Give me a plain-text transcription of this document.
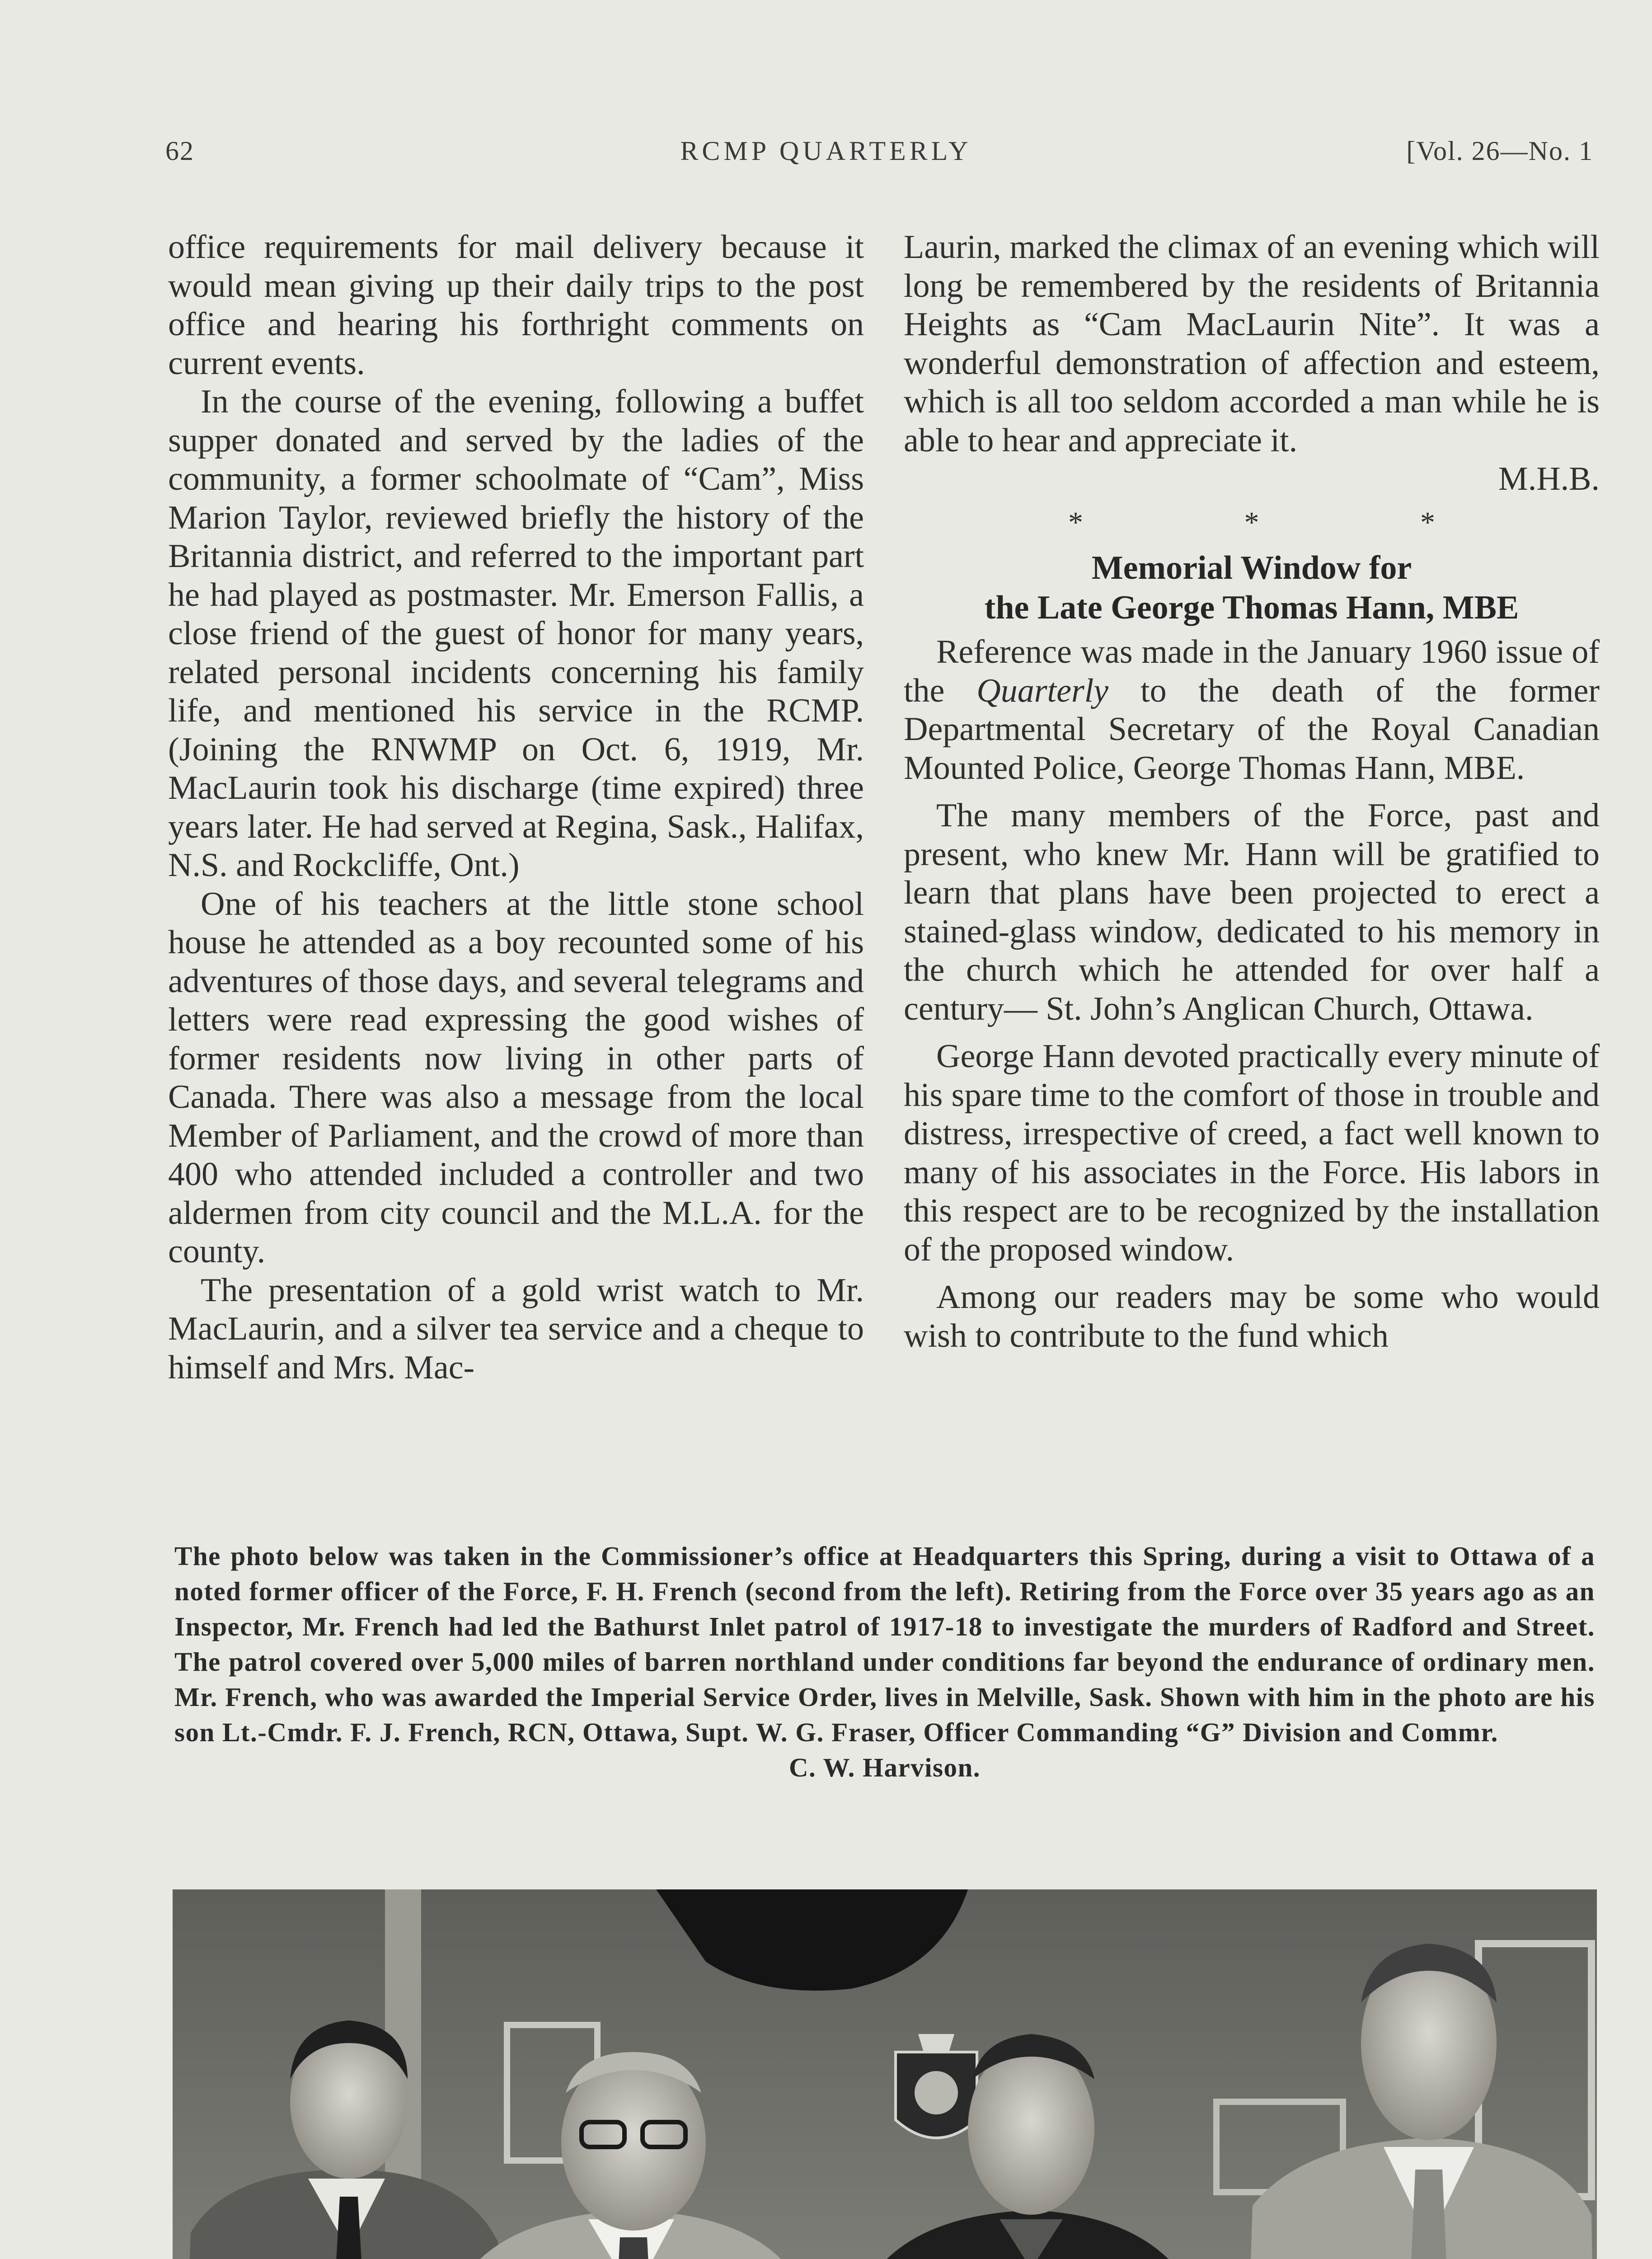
62	RCMP QUARTERLY	[Vol. 26—No. 1

office requirements for mail delivery because it would mean giving up their daily trips to the post office and hearing his forthright comments on current events.

In the course of the evening, following a buffet supper donated and served by the ladies of the community, a former schoolmate of “Cam”, Miss Marion Taylor, reviewed briefly the history of the Britannia district, and referred to the important part he had played as postmaster. Mr. Emerson Fallis, a close friend of the guest of honor for many years, related personal incidents concerning his family life, and mentioned his service in the RCMP. (Joining the RNWMP on Oct. 6, 1919, Mr. MacLaurin took his discharge (time expired) three years later. He had served at Regina, Sask., Halifax, N.S. and Rockcliffe, Ont.)

One of his teachers at the little stone school house he attended as a boy recounted some of his adventures of those days, and several telegrams and letters were read expressing the good wishes of former residents now living in other parts of Canada. There was also a message from the local Member of Parliament, and the crowd of more than 400 who attended included a controller and two aldermen from city council and the M.L.A. for the county.

The presentation of a gold wrist watch to Mr. MacLaurin, and a silver tea service and a cheque to himself and Mrs. Mac-

Laurin, marked the climax of an evening which will long be remembered by the residents of Britannia Heights as “Cam MacLaurin Nite”. It was a wonderful demonstration of affection and esteem, which is all too seldom accorded a man while he is able to hear and appreciate it.

M.H.B.

* * *
Memorial Window for
the Late George Thomas Hann, MBE

Reference was made in the January 1960 issue of the Quarterly to the death of the former Departmental Secretary of the Royal Canadian Mounted Police, George Thomas Hann, MBE.

The many members of the Force, past and present, who knew Mr. Hann will be gratified to learn that plans have been projected to erect a stained-glass window, dedicated to his memory in the church which he attended for over half a century— St. John’s Anglican Church, Ottawa.

George Hann devoted practically every minute of his spare time to the comfort of those in trouble and distress, irrespective of creed, a fact well known to many of his associates in the Force. His labors in this respect are to be recognized by the installation of the proposed window.

Among our readers may be some who would wish to contribute to the fund which

The photo below was taken in the Commissioner’s office at Headquarters this Spring, during a visit to Ottawa of a noted former officer of the Force, F. H. French (second from the left). Retiring from the Force over 35 years ago as an Inspector, Mr. French had led the Bathurst Inlet patrol of 1917-18 to investigate the murders of Radford and Street. The patrol covered over 5,000 miles of barren northland under conditions far beyond the endurance of ordinary men. Mr. French, who was awarded the Imperial Service Order, lives in Melville, Sask. Shown with him in the photo are his son Lt.-Cmdr. F. J. French, RCN, Ottawa, Supt. W. G. Fraser, Officer Commanding “G” Division and Commr.
C. W. Harvison.
